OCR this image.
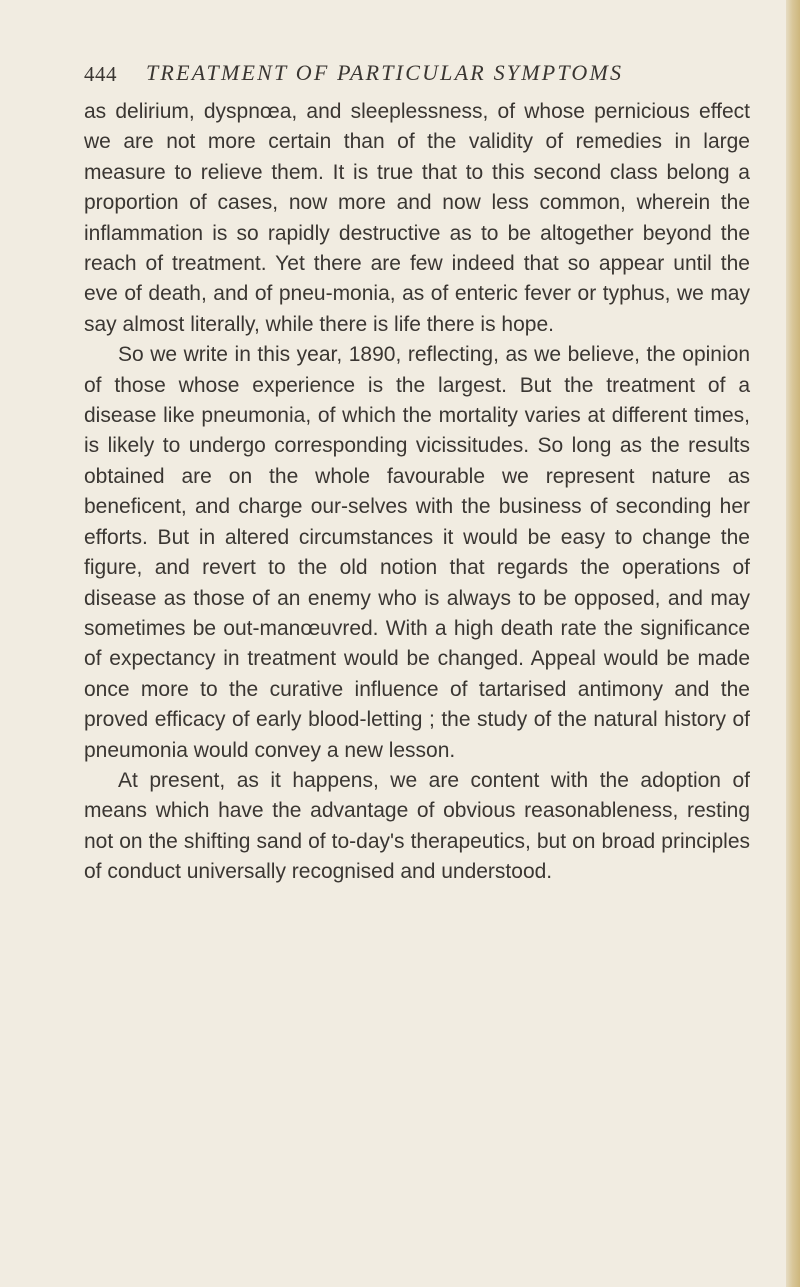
444 TREATMENT OF PARTICULAR SYMPTOMS

as delirium, dyspnœa, and sleeplessness, of whose pernicious effect we are not more certain than of the validity of remedies in large measure to relieve them. It is true that to this second class belong a proportion of cases, now more and now less common, wherein the inflammation is so rapidly destructive as to be altogether beyond the reach of treatment. Yet there are few indeed that so appear until the eve of death, and of pneu-monia, as of enteric fever or typhus, we may say almost literally, while there is life there is hope.

So we write in this year, 1890, reflecting, as we believe, the opinion of those whose experience is the largest. But the treatment of a disease like pneumonia, of which the mortality varies at different times, is likely to undergo corresponding vicissitudes. So long as the results obtained are on the whole favourable we represent nature as beneficent, and charge our-selves with the business of seconding her efforts. But in altered circumstances it would be easy to change the figure, and revert to the old notion that regards the operations of disease as those of an enemy who is always to be opposed, and may sometimes be out-manœuvred. With a high death rate the significance of expectancy in treatment would be changed. Appeal would be made once more to the curative influence of tartarised antimony and the proved efficacy of early blood-letting ; the study of the natural history of pneumonia would convey a new lesson.

At present, as it happens, we are content with the adoption of means which have the advantage of obvious reasonableness, resting not on the shifting sand of to-day's therapeutics, but on broad principles of conduct universally recognised and understood.
